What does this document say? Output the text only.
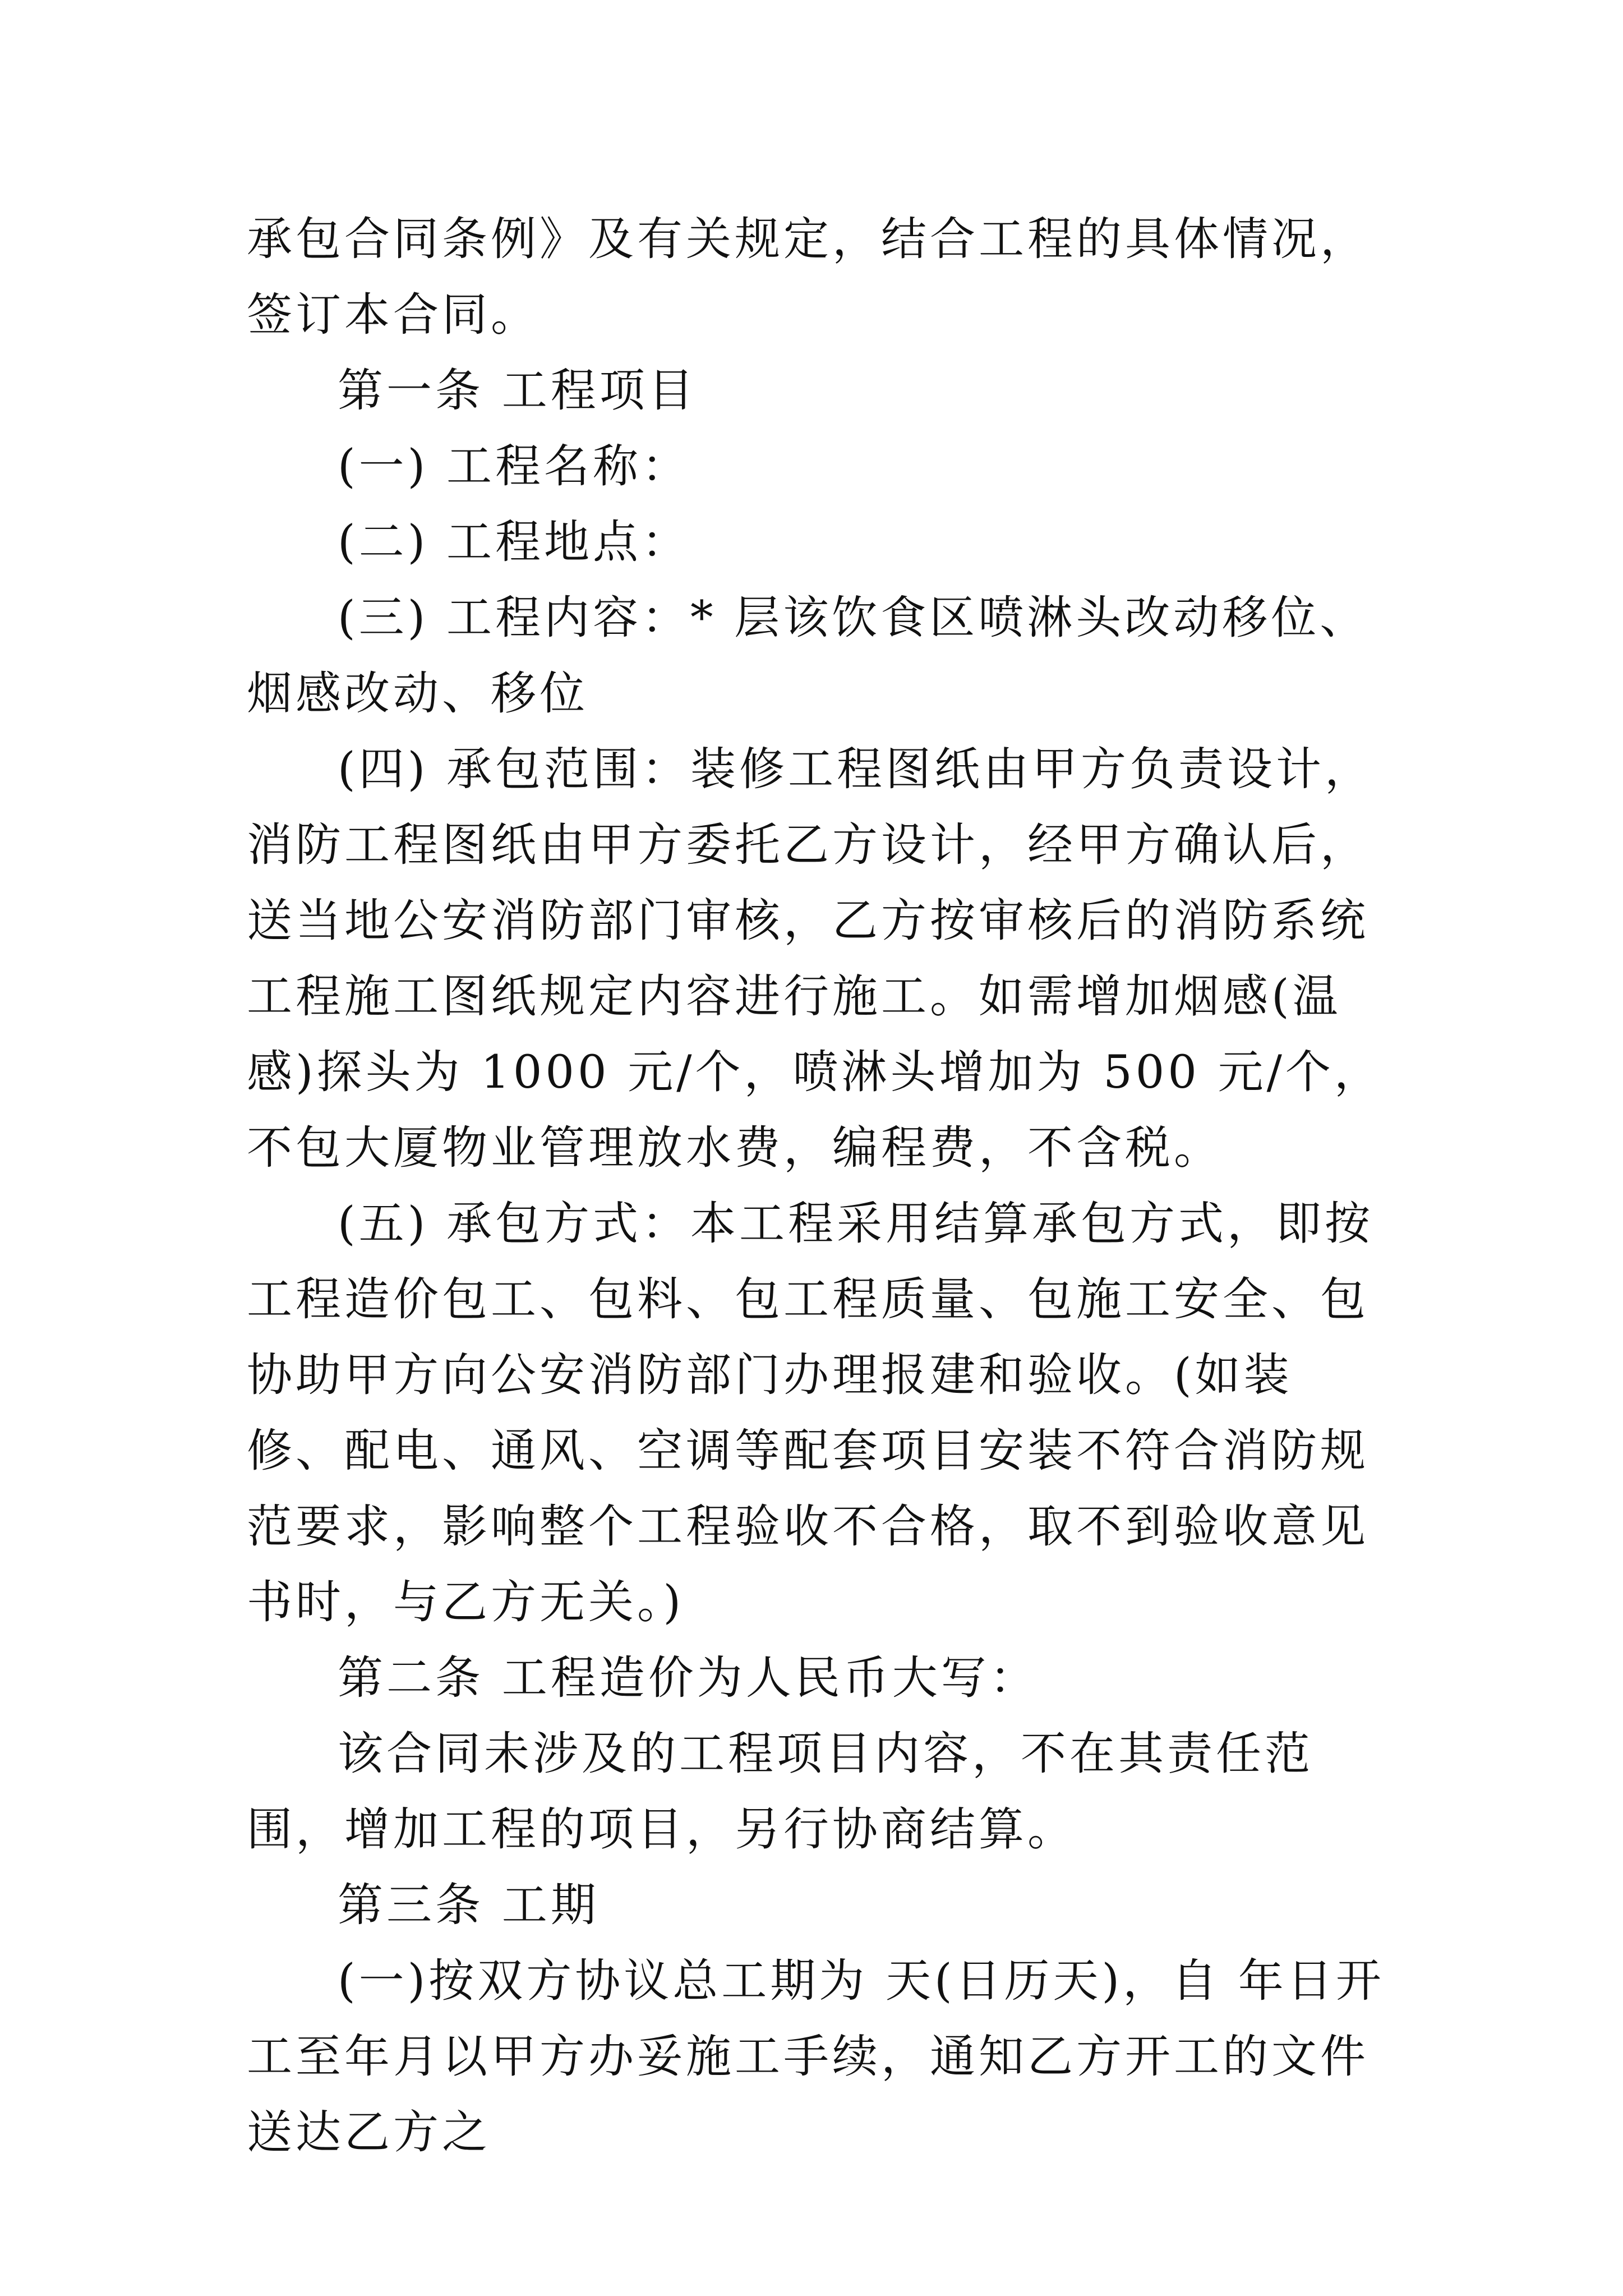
承包合同条例》及有关规定，结合工程的具体情况，签订本合同。

第一条 工程项目

(一) 工程名称：

(二) 工程地点：

(三) 工程内容：* 层该饮食区喷淋头改动移位、烟感改动、移位

(四) 承包范围：装修工程图纸由甲方负责设计，消防工程图纸由甲方委托乙方设计，经甲方确认后，送当地公安消防部门审核，乙方按审核后的消防系统工程施工图纸规定内容进行施工。如需增加烟感(温感)探头为 1000 元/个，喷淋头增加为 500 元/个，不包大厦物业管理放水费，编程费，不含税。

(五) 承包方式：本工程采用结算承包方式，即按工程造价包工、包料、包工程质量、包施工安全、包协助甲方向公安消防部门办理报建和验收。(如装修、配电、通风、空调等配套项目安装不符合消防规范要求，影响整个工程验收不合格，取不到验收意见书时，与乙方无关。)

第二条 工程造价为人民币大写：

该合同未涉及的工程项目内容，不在其责任范围，增加工程的项目，另行协商结算。

第三条 工期

(一)按双方协议总工期为 天(日历天)，自 年日开工至年月以甲方办妥施工手续，通知乙方开工的文件送达乙方之
